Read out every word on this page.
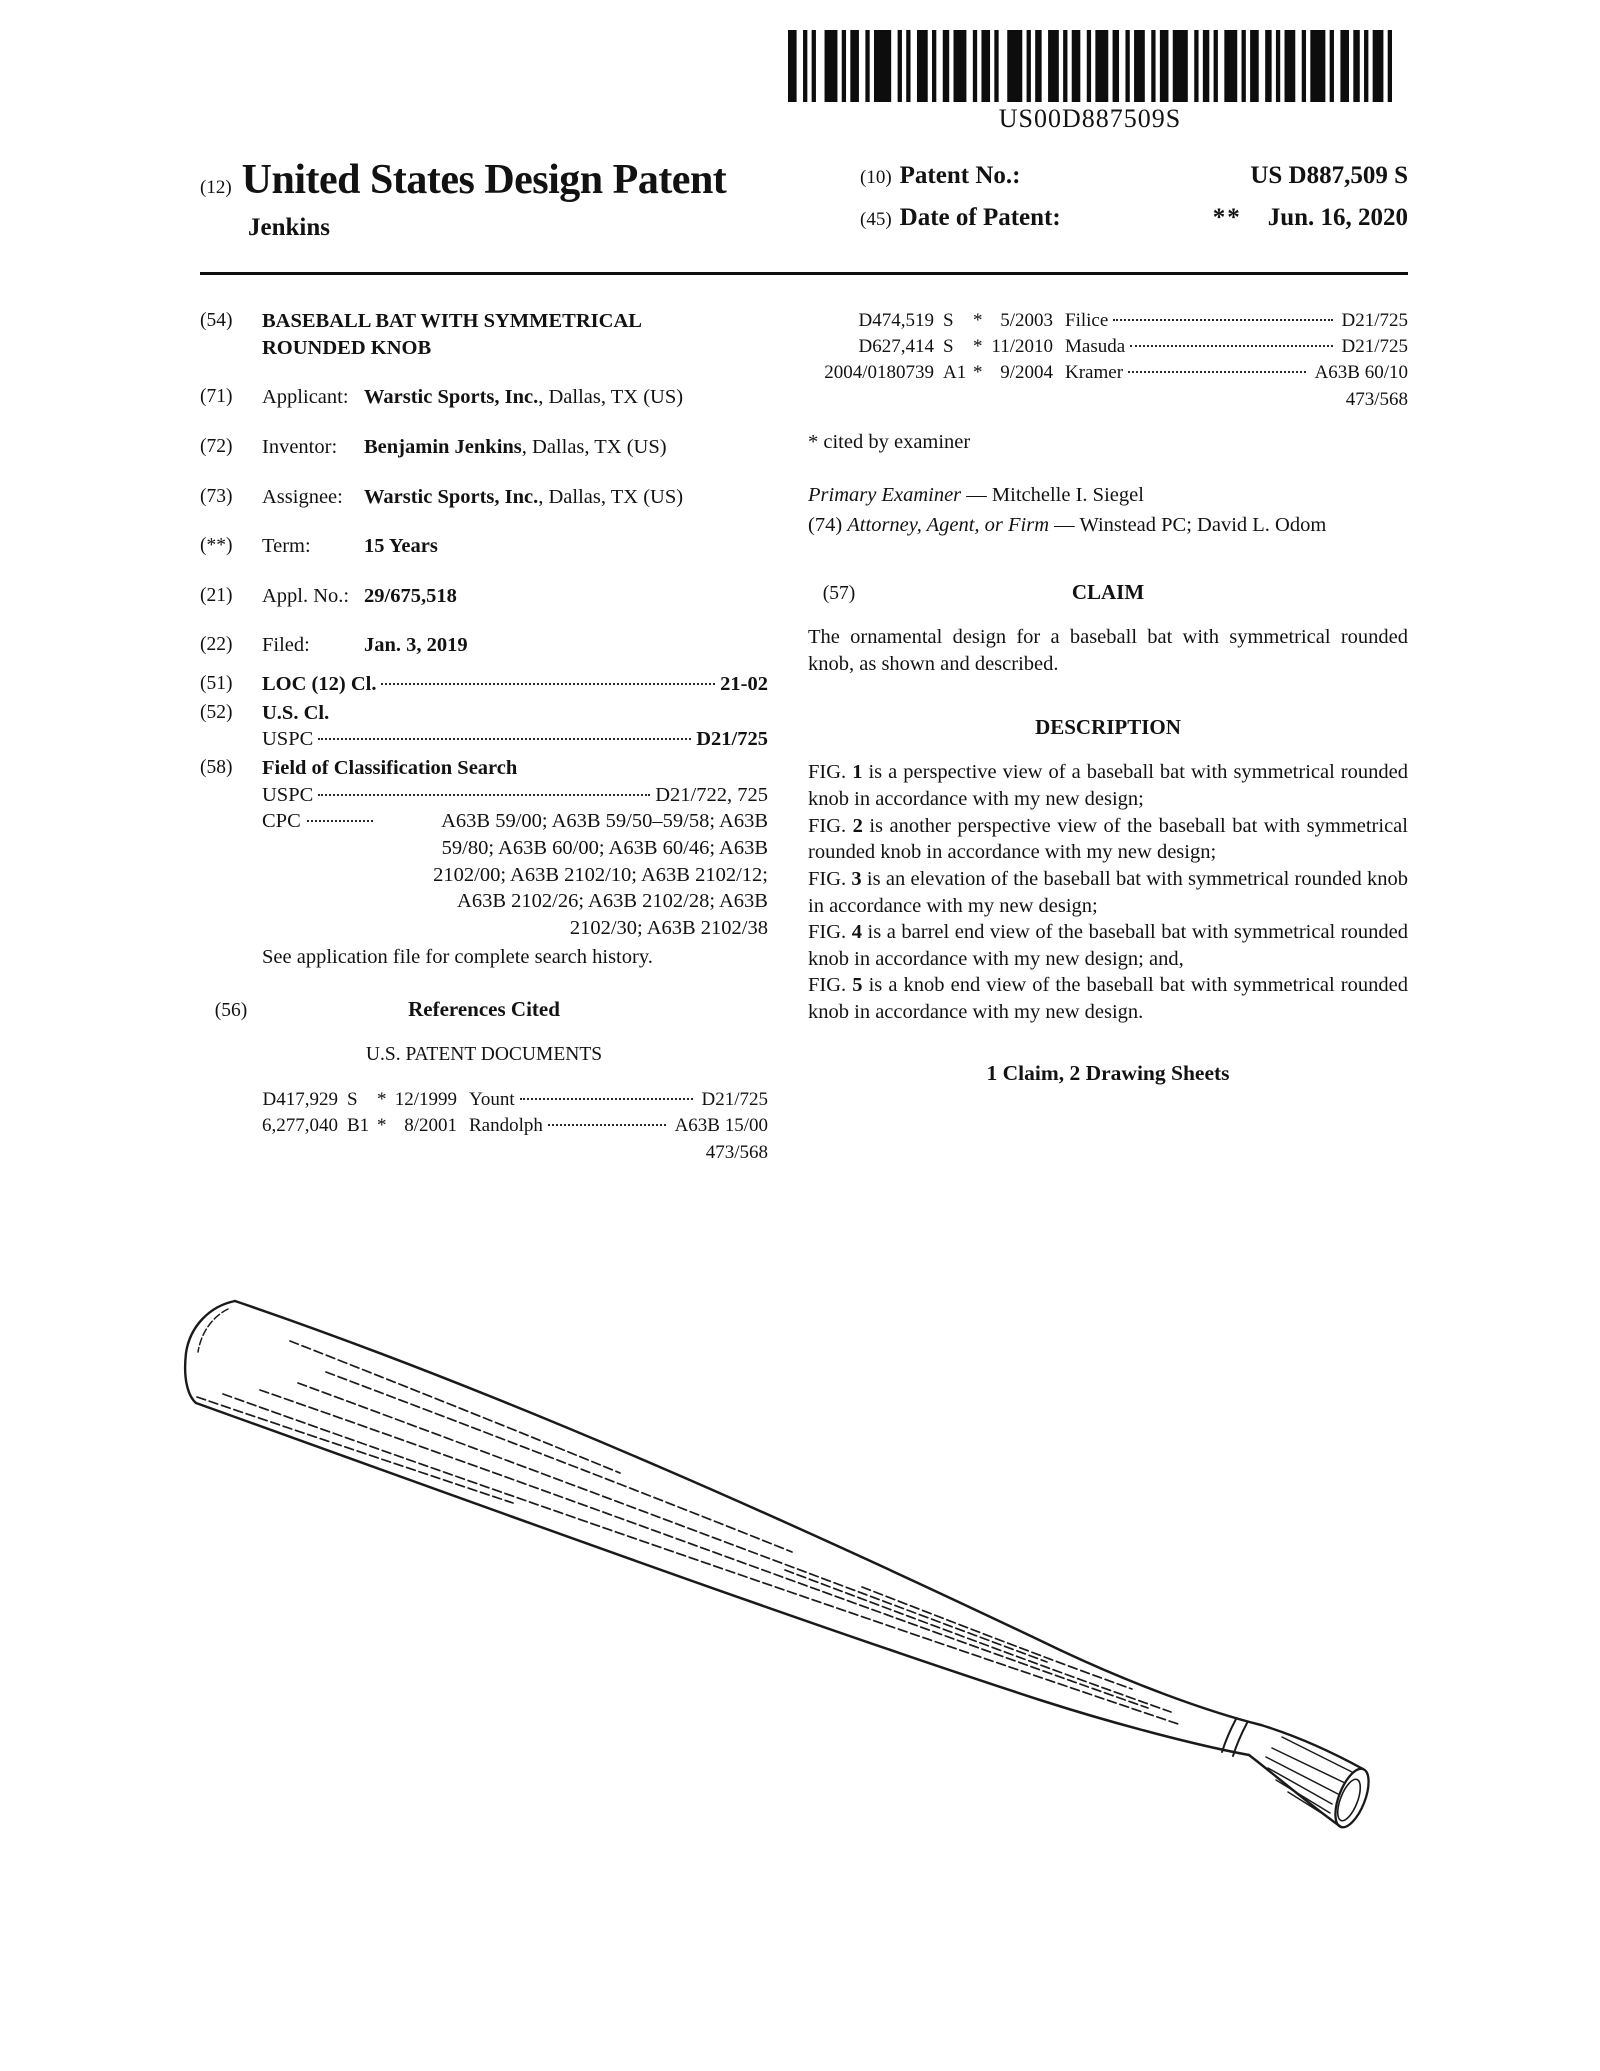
US00D887509S
(12) United States Design Patent
Jenkins
(10) Patent No.:	US D887,509 S
(45) Date of Patent:	** Jun. 16, 2020
(54)	BASEBALL BAT WITH SYMMETRICAL
ROUNDED KNOB
(71)	Applicant: Warstic Sports, Inc., Dallas, TX (US)
(72)	Inventor: Benjamin Jenkins, Dallas, TX (US)
(73)	Assignee: Warstic Sports, Inc., Dallas, TX (US)
(**)	Term:	15 Years
(21)	Appl. No.: 29/675,518
(22)	Filed:	Jan. 3, 2019
(51)	LOC (12) Cl.	21-02
(52)	U.S. Cl.
USPC	D21/725
(58)	Field of Classification Search
USPC	D21/722, 725
CPC	A63B 59/00; A63B 59/50–59/58; A63B
59/80; A63B 60/00; A63B 60/46; A63B
2102/00; A63B 2102/10; A63B 2102/12;
A63B 2102/26; A63B 2102/28; A63B
2102/30; A63B 2102/38
See application file for complete search history.
(56)	References Cited
U.S. PATENT DOCUMENTS
D417,929 S	* 12/1999 Yount	D21/725
6,277,040 B1 * 8/2001 Randolph	A63B 15/00
473/568
D474,519 S	* 5/2003 Filice	D21/725
D627,414 S	* 11/2010 Masuda	D21/725
2004/0180739 A1 * 9/2004 Kramer	A63B 60/10
473/568
* cited by examiner

Primary Examiner — Mitchelle I. Siegel

(74) Attorney, Agent, or Firm — Winstead PC; David L. Odom

(57)	CLAIM
The ornamental design for a baseball bat with symmetrical rounded knob, as shown and described.
DESCRIPTION

FIG. 1 is a perspective view of a baseball bat with symmetrical rounded knob in accordance with my new design;

FIG. 2 is another perspective view of the baseball bat with symmetrical rounded knob in accordance with my new design;

FIG. 3 is an elevation of the baseball bat with symmetrical rounded knob in accordance with my new design;

FIG. 4 is a barrel end view of the baseball bat with symmetrical rounded knob in accordance with my new design; and,

FIG. 5 is a knob end view of the baseball bat with symmetrical rounded knob in accordance with my new design.

1 Claim, 2 Drawing Sheets
